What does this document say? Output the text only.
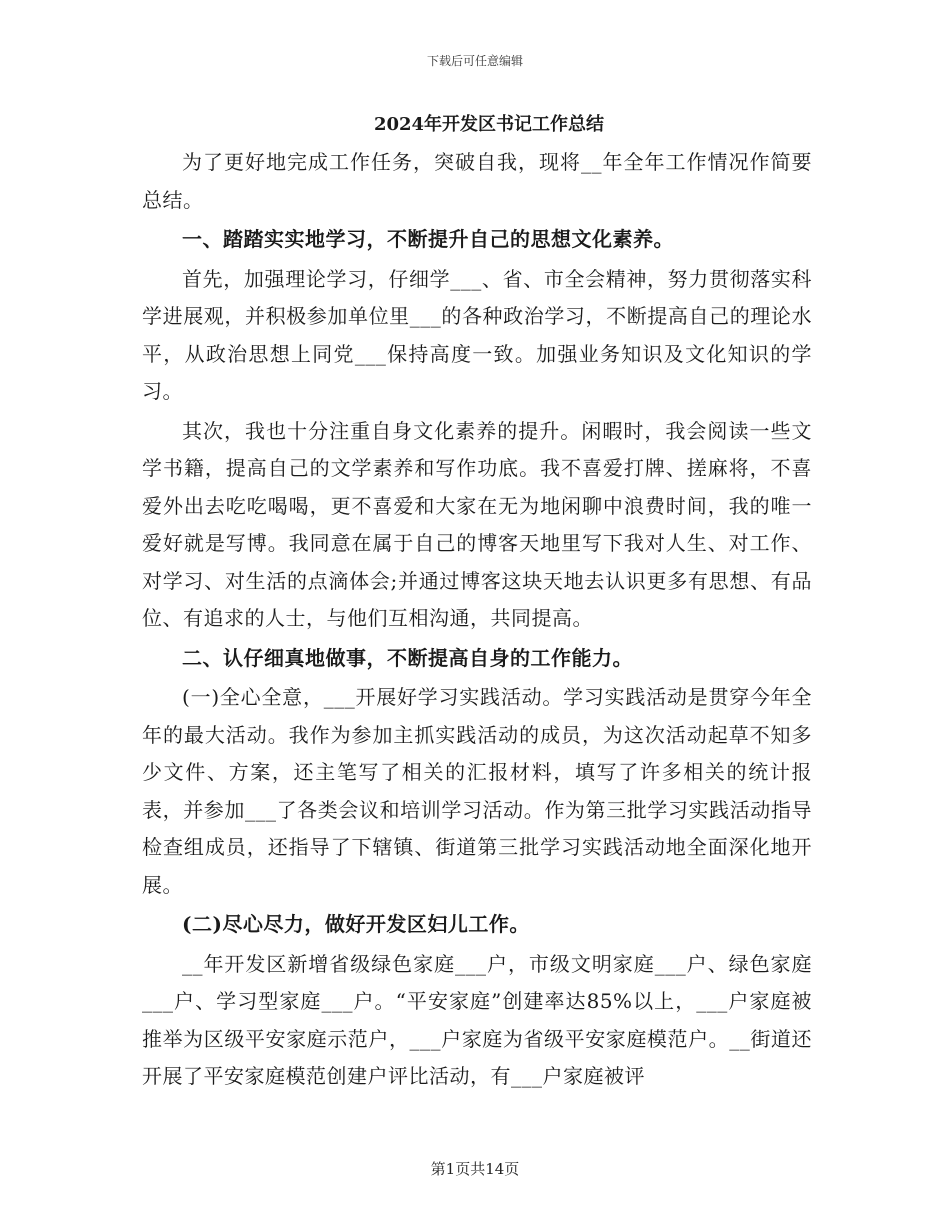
下载后可任意编辑
2024年开发区书记工作总结

为了更好地完成工作任务，突破自我，现将__年全年工作情况作简要总结。

一、踏踏实实地学习，不断提升自己的思想文化素养。

首先，加强理论学习，仔细学___、省、市全会精神，努力贯彻落实科学进展观，并积极参加单位里___的各种政治学习，不断提高自己的理论水平，从政治思想上同党___保持高度一致。加强业务知识及文化知识的学习。

其次，我也十分注重自身文化素养的提升。闲暇时，我会阅读一些文学书籍，提高自己的文学素养和写作功底。我不喜爱打牌、搓麻将，不喜爱外出去吃吃喝喝，更不喜爱和大家在无为地闲聊中浪费时间，我的唯一爱好就是写博。我同意在属于自己的博客天地里写下我对人生、对工作、对学习、对生活的点滴体会;并通过博客这块天地去认识更多有思想、有品位、有追求的人士，与他们互相沟通，共同提高。

二、认仔细真地做事，不断提高自身的工作能力。

(一)全心全意，___开展好学习实践活动。学习实践活动是贯穿今年全年的最大活动。我作为参加主抓实践活动的成员，为这次活动起草不知多少文件、方案，还主笔写了相关的汇报材料，填写了许多相关的统计报表，并参加___了各类会议和培训学习活动。作为第三批学习实践活动指导检查组成员，还指导了下辖镇、街道第三批学习实践活动地全面深化地开展。

(二)尽心尽力，做好开发区妇儿工作。

__年开发区新增省级绿色家庭___户，市级文明家庭___户、绿色家庭___户、学习型家庭___户。“平安家庭”创建率达85%以上，___户家庭被推举为区级平安家庭示范户，___户家庭为省级平安家庭模范户。__街道还开展了平安家庭模范创建户评比活动，有___户家庭被评

第1页共14页
